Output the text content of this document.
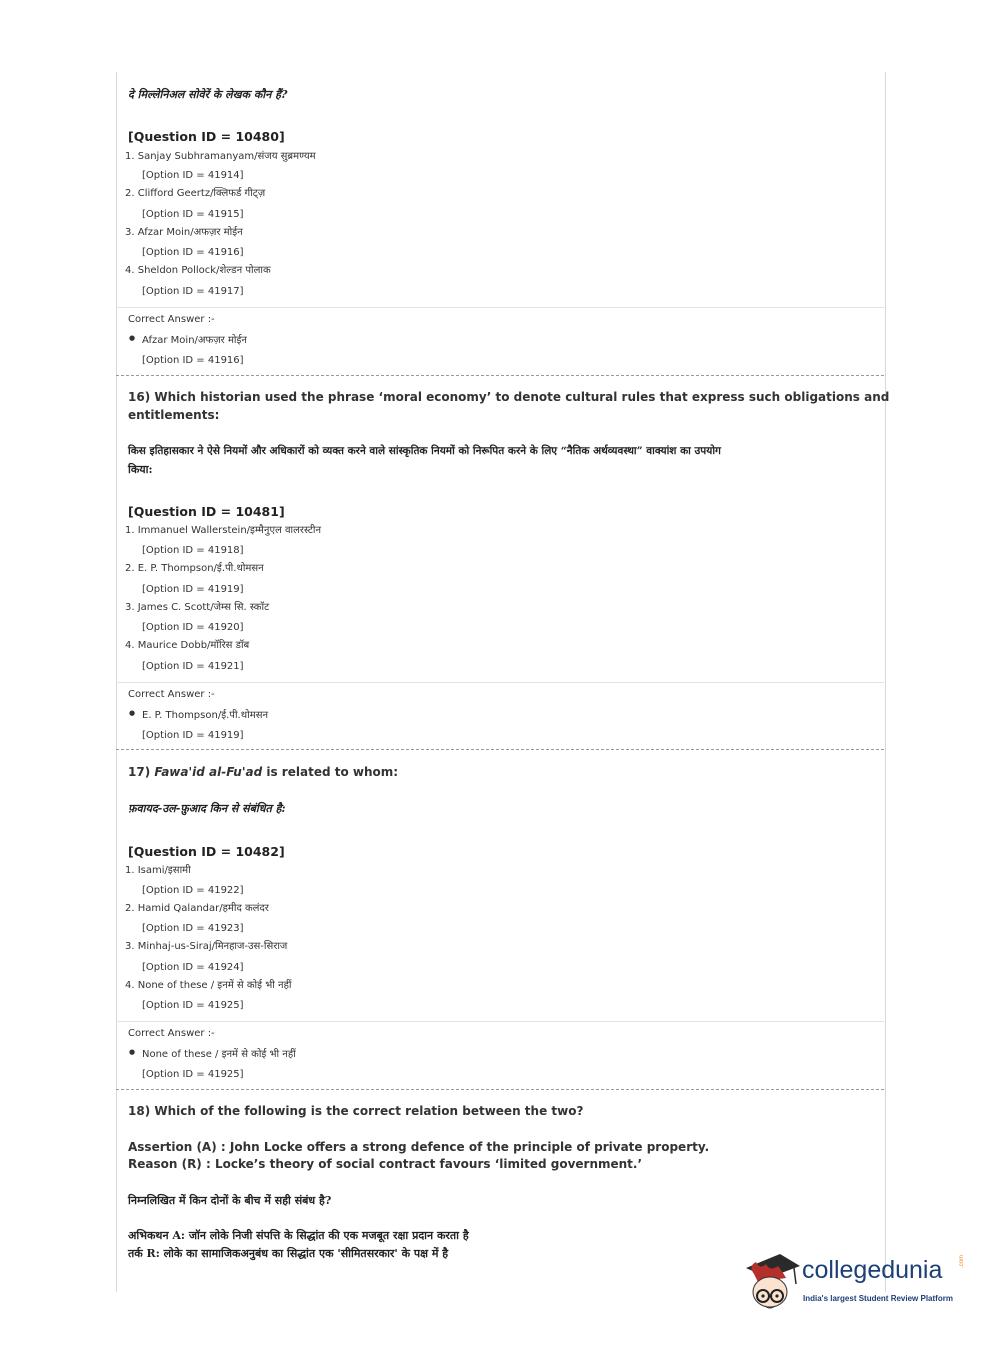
दे मिल्लेनिअल सोवेरें के लेखक कौन हैं?
[Question ID = 10480]
1. Sanjay Subhramanyam/संजय सुब्रमण्यम
[Option ID = 41914]
2. Clifford Geertz/क्लिफर्ड गीट्ज़
[Option ID = 41915]
3. Afzar Moin/अफज़र मोईन
[Option ID = 41916]
4. Sheldon Pollock/शेल्डन पोलाक
[Option ID = 41917]
Correct Answer :-
● Afzar Moin/अफज़र मोईन
[Option ID = 41916]
16) Which historian used the phrase ‘moral economy’ to denote cultural rules that express such obligations and
entitlements:
किस इतिहासकार ने ऐसे नियमों और अधिकारों को व्यक्त करने वाले सांस्कृतिक नियमों को निरूपित करने के लिए “नैतिक अर्थव्यवस्था” वाक्यांश का उपयोग
किया:
[Question ID = 10481]
1. Immanuel Wallerstein/इम्मैनुएल वालरस्टीन
[Option ID = 41918]
2. E. P. Thompson/ई.पी.थोमसन
[Option ID = 41919]
3. James C. Scott/जेम्स सि. स्कॉट
[Option ID = 41920]
4. Maurice Dobb/मॉरिस डॉब
[Option ID = 41921]
Correct Answer :-
● E. P. Thompson/ई.पी.थोमसन
[Option ID = 41919]
17) Fawa'id al-Fu'ad is related to whom:
फ़वायद-उल-फ़ुआद किन से संबंधित है:
[Question ID = 10482]
1. Isami/इसामी
[Option ID = 41922]
2. Hamid Qalandar/हमीद कलंदर
[Option ID = 41923]
3. Minhaj-us-Siraj/मिनहाज-उस-सिराज
[Option ID = 41924]
4. None of these / इनमें से कोई भी नहीं
[Option ID = 41925]
Correct Answer :-
● None of these / इनमें से कोई भी नहीं
[Option ID = 41925]
18) Which of the following is the correct relation between the two?
Assertion (A) : John Locke offers a strong defence of the principle of private property.
Reason (R) : Locke’s theory of social contract favours ‘limited government.’
निम्नलिखित में किन दोनों के बीच में सही संबंध है?
अभिकथन A: जॉन लोके निजी संपत्ति के सिद्धांत की एक मजबूत रक्षा प्रदान करता है
तर्क R: लोके का सामाजिकअनुबंध का सिद्धांत एक 'सीमितसरकार' के पक्ष में है
collegedunia	.com
India's largest Student Review Platform
